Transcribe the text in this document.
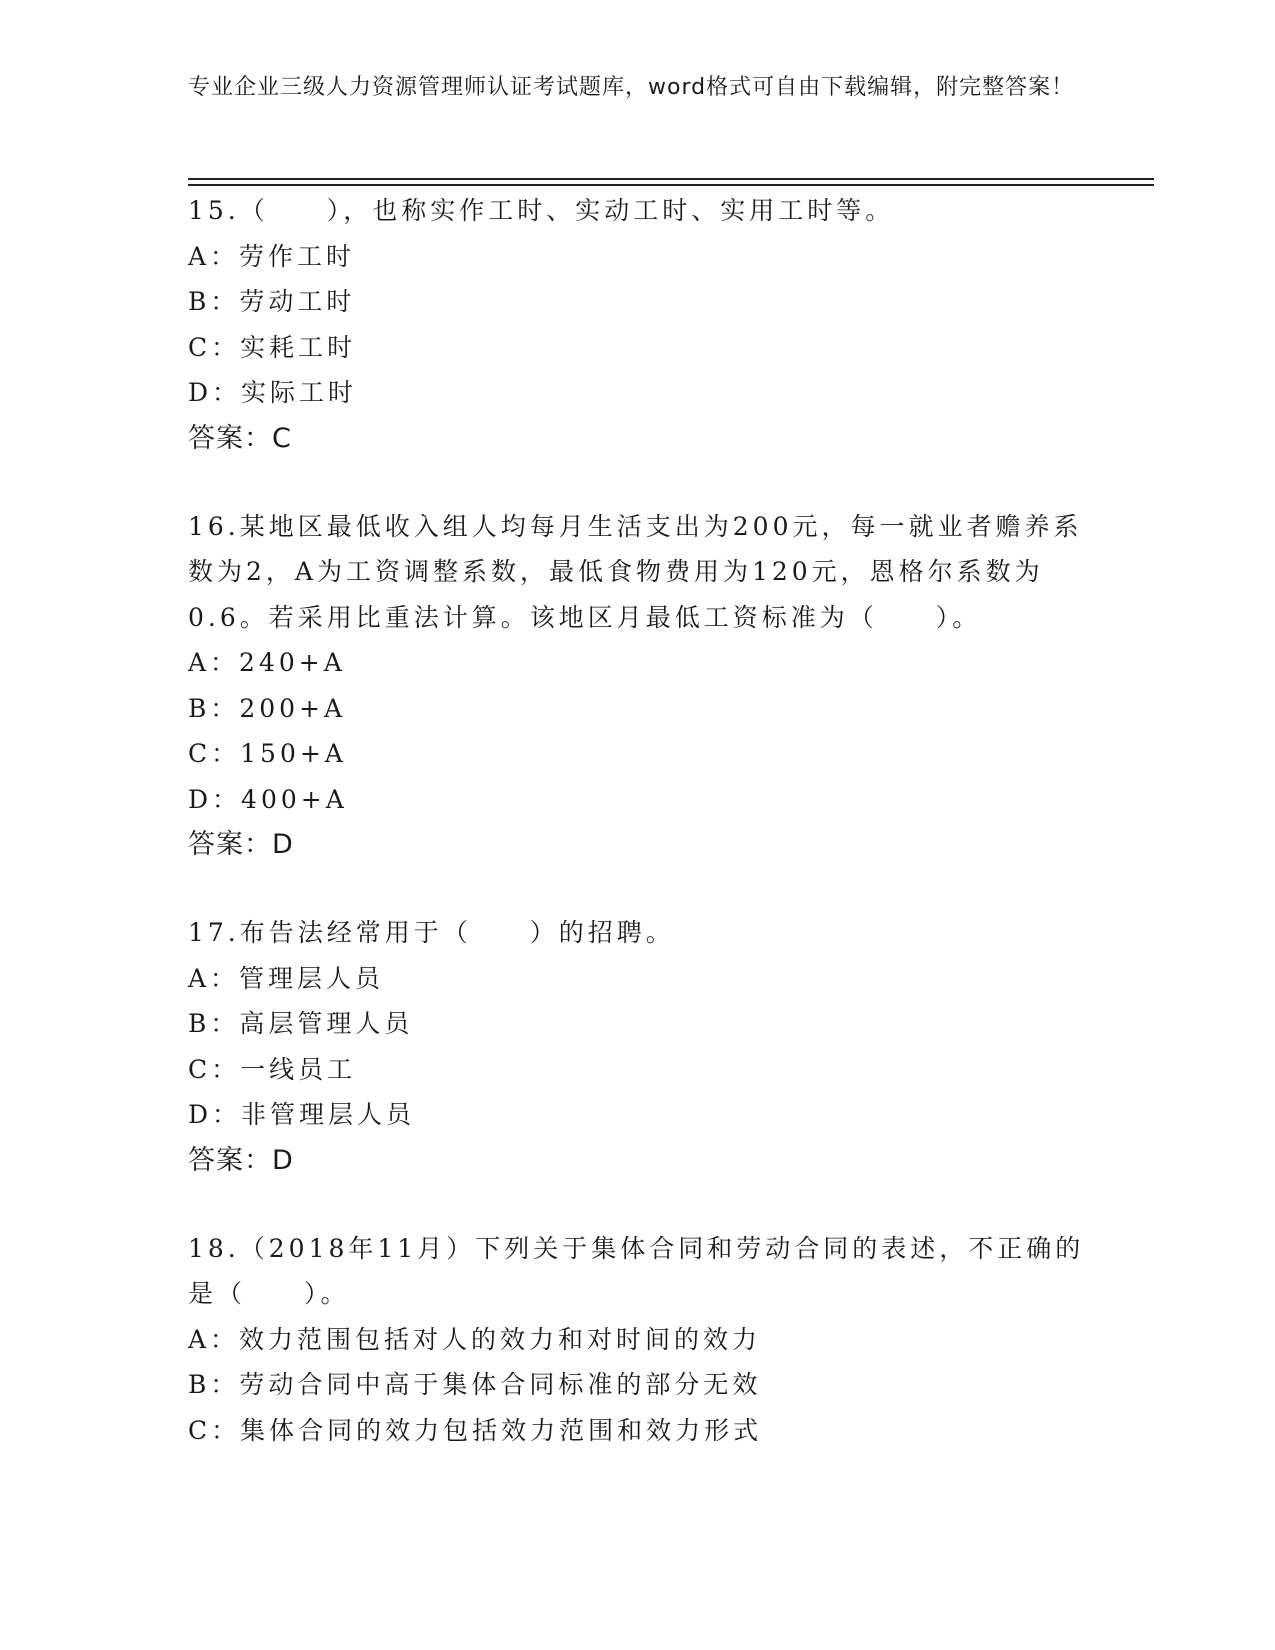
专业企业三级人力资源管理师认证考试题库，word格式可自由下载编辑，附完整答案！
15.（　　），也称实作工时、实动工时、实用工时等。
A：劳作工时
B：劳动工时
C：实耗工时
D：实际工时
答案：C
16.某地区最低收入组人均每月生活支出为200元，每一就业者赡养系数为2，A为工资调整系数，最低食物费用为120元，恩格尔系数为0.6。若采用比重法计算。该地区月最低工资标准为（　　）。
A：240+A
B：200+A
C：150+A
D：400+A
答案：D
17.布告法经常用于（　　）的招聘。
A：管理层人员
B：高层管理人员
C：一线员工
D：非管理层人员
答案：D
18.（2018年11月）下列关于集体合同和劳动合同的表述，不正确的是（　　）。
A：效力范围包括对人的效力和对时间的效力
B：劳动合同中高于集体合同标准的部分无效
C：集体合同的效力包括效力范围和效力形式
